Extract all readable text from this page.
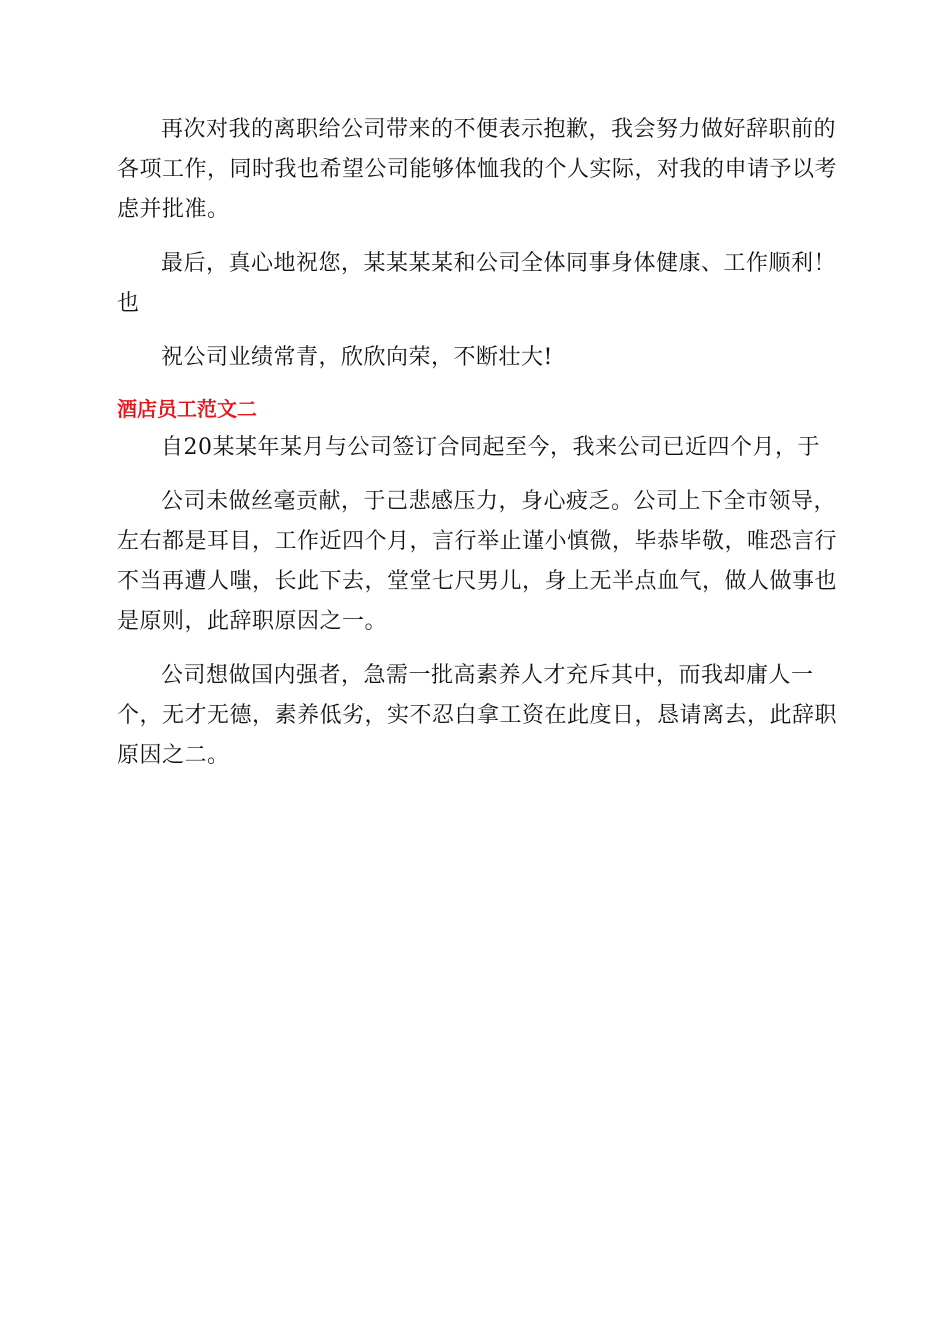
再次对我的离职给公司带来的不便表示抱歉，我会努力做好辞职前的
各项工作，同时我也希望公司能够体恤我的个人实际，对我的申请予以考
虑并批准。

最后，真心地祝您，某某某某和公司全体同事身体健康、工作顺利！
也

祝公司业绩常青，欣欣向荣，不断壮大!

酒店员工范文二

自20某某年某月与公司签订合同起至今，我来公司已近四个月，于

公司未做丝毫贡献，于己悲感压力，身心疲乏。公司上下全市领导，
左右都是耳目，工作近四个月，言行举止谨小慎微，毕恭毕敬，唯恐言行
不当再遭人嗤，长此下去，堂堂七尺男儿，身上无半点血气，做人做事也
是原则，此辞职原因之一。

公司想做国内强者，急需一批高素养人才充斥其中，而我却庸人一
个，无才无德，素养低劣，实不忍白拿工资在此度日，恳请离去，此辞职
原因之二。
